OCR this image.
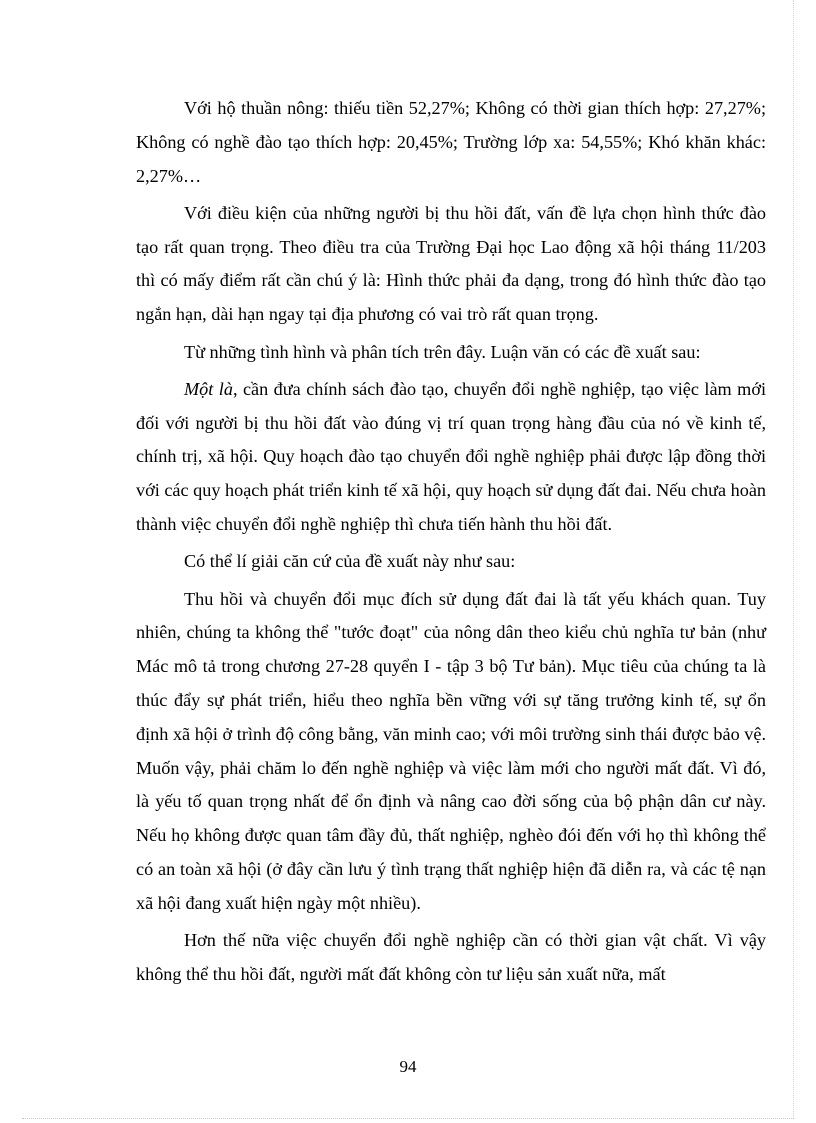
Với hộ thuần nông: thiếu tiền 52,27%; Không có thời gian thích hợp: 27,27%; Không có nghề đào tạo thích hợp: 20,45%; Trường lớp xa: 54,55%; Khó khăn khác: 2,27%…

Với điều kiện của những người bị thu hồi đất, vấn đề lựa chọn hình thức đào tạo rất quan trọng. Theo điều tra của Trường Đại học Lao động xã hội tháng 11/203 thì có mấy điểm rất cần chú ý là: Hình thức phải đa dạng, trong đó hình thức đào tạo ngắn hạn, dài hạn ngay tại địa phương có vai trò rất quan trọng.

Từ những tình hình và phân tích trên đây. Luận văn có các đề xuất sau:

Một là, cần đưa chính sách đào tạo, chuyển đổi nghề nghiệp, tạo việc làm mới đối với người bị thu hồi đất vào đúng vị trí quan trọng hàng đầu của nó về kinh tế, chính trị, xã hội. Quy hoạch đào tạo chuyển đổi nghề nghiệp phải được lập đồng thời với các quy hoạch phát triển kinh tế xã hội, quy hoạch sử dụng đất đai. Nếu chưa hoàn thành việc chuyển đổi nghề nghiệp thì chưa tiến hành thu hồi đất.

Có thể lí giải căn cứ của đề xuất này như sau:

Thu hồi và chuyển đổi mục đích sử dụng đất đai là tất yếu khách quan. Tuy nhiên, chúng ta không thể "tước đoạt" của nông dân theo kiểu chủ nghĩa tư bản (như Mác mô tả trong chương 27-28 quyển I - tập 3 bộ Tư bản). Mục tiêu của chúng ta là thúc đẩy sự phát triển, hiểu theo nghĩa bền vững với sự tăng trưởng kinh tế, sự ổn định xã hội ở trình độ công bằng, văn minh cao; với môi trường sinh thái được bảo vệ. Muốn vậy, phải chăm lo đến nghề nghiệp và việc làm mới cho người mất đất. Vì đó, là yếu tố quan trọng nhất để ổn định và nâng cao đời sống của bộ phận dân cư này. Nếu họ không được quan tâm đầy đủ, thất nghiệp, nghèo đói đến với họ thì không thể có an toàn xã hội (ở đây cần lưu ý tình trạng thất nghiệp hiện đã diễn ra, và các tệ nạn xã hội đang xuất hiện ngày một nhiều).

Hơn thế nữa việc chuyển đổi nghề nghiệp cần có thời gian vật chất. Vì vậy không thể thu hồi đất, người mất đất không còn tư liệu sản xuất nữa, mất

94
